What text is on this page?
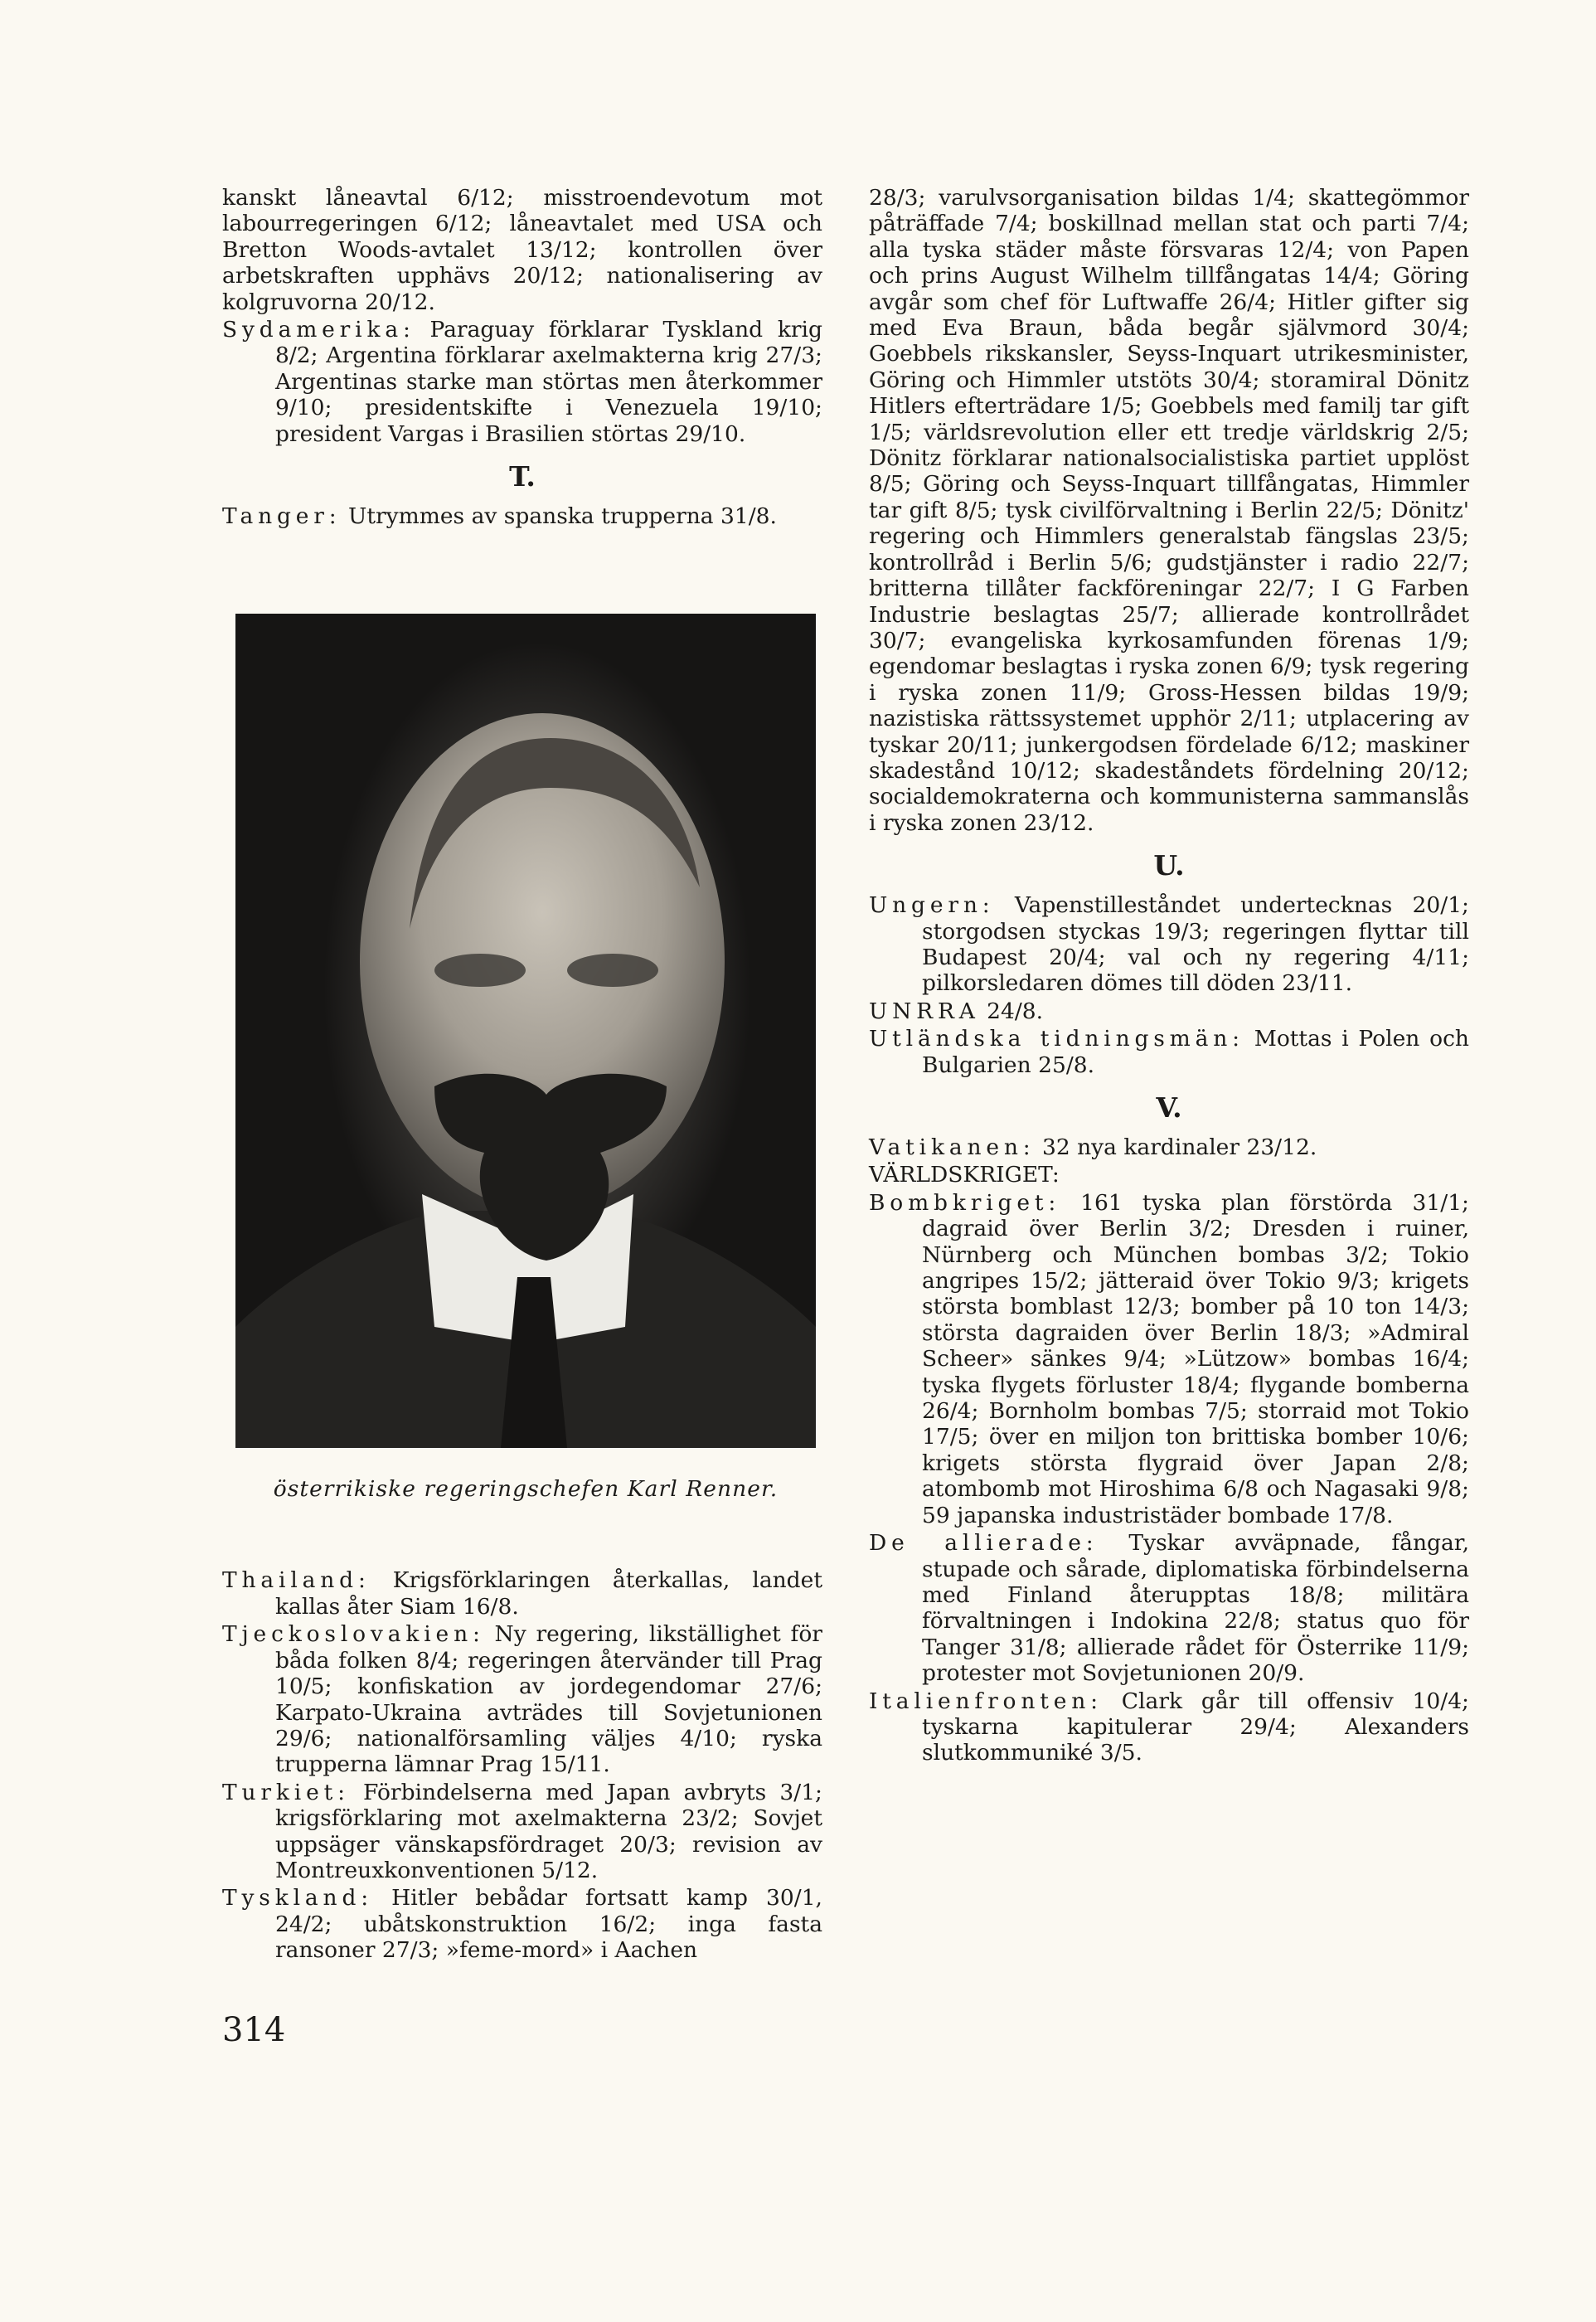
kanskt låneavtal 6/12; misstroendevotum mot labourregeringen 6/12; låneavtalet med USA och Bretton Woods-avtalet 13/12; kontrollen över arbetskraften upphävs 20/12; nationalisering av kolgruvorna 20/12.

Sydamerika: Paraguay förklarar Tyskland krig 8/2; Argentina förklarar axelmakterna krig 27/3; Argentinas starke man störtas men återkommer 9/10; presidentskifte i Venezuela 19/10; president Vargas i Brasilien störtas 29/10.

T.

Tanger: Utrymmes av spanska trupperna 31/8.

Thailand: Krigsförklaringen återkallas, landet kallas åter Siam 16/8.

Tjeckoslovakien: Ny regering, likställighet för båda folken 8/4; regeringen återvänder till Prag 10/5; konfiskation av jordegendomar 27/6; Karpato-Ukraina avträdes till Sovjetunionen 29/6; nationalförsamling väljes 4/10; ryska trupperna lämnar Prag 15/11.

Turkiet: Förbindelserna med Japan avbryts 3/1; krigsförklaring mot axelmakterna 23/2; Sovjet uppsäger vänskapsfördraget 20/3; revision av Montreuxkonventionen 5/12.

Tyskland: Hitler bebådar fortsatt kamp 30/1, 24/2; ubåtskonstruktion 16/2; inga fasta ransoner 27/3; »feme-mord» i Aachen

österrikiske regeringschefen Karl Renner.

28/3; varulvsorganisation bildas 1/4; skattegömmor påträffade 7/4; boskillnad mellan stat och parti 7/4; alla tyska städer måste försvaras 12/4; von Papen och prins August Wilhelm tillfångatas 14/4; Göring avgår som chef för Luftwaffe 26/4; Hitler gifter sig med Eva Braun, båda begår självmord 30/4; Goebbels rikskansler, Seyss-Inquart utrikesminister, Göring och Himmler utstöts 30/4; storamiral Dönitz Hitlers efterträdare 1/5; Goebbels med familj tar gift 1/5; världsrevolution eller ett tredje världskrig 2/5; Dönitz förklarar nationalsocialistiska partiet upplöst 8/5; Göring och Seyss-Inquart tillfångatas, Himmler tar gift 8/5; tysk civilförvaltning i Berlin 22/5; Dönitz' regering och Himmlers generalstab fängslas 23/5; kontrollråd i Berlin 5/6; gudstjänster i radio 22/7; britterna tillåter fackföreningar 22/7; I G Farben Industrie beslagtas 25/7; allierade kontrollrådet 30/7; evangeliska kyrkosamfunden förenas 1/9; egendomar beslagtas i ryska zonen 6/9; tysk regering i ryska zonen 11/9; Gross-Hessen bildas 19/9; nazistiska rättssystemet upphör 2/11; utplacering av tyskar 20/11; junkergodsen fördelade 6/12; maskiner skadestånd 10/12; skadeståndets fördelning 20/12; socialdemokraterna och kommunisterna sammanslås i ryska zonen 23/12.

U.

Ungern: Vapenstilleståndet undertecknas 20/1; storgodsen styckas 19/3; regeringen flyttar till Budapest 20/4; val och ny regering 4/11; pilkorsledaren dömes till döden 23/11.

UNRRA 24/8.

Utländska tidningsmän: Mottas i Polen och Bulgarien 25/8.

V.

Vatikanen: 32 nya kardinaler 23/12.

VÄRLDSKRIGET:

Bombkriget: 161 tyska plan förstörda 31/1; dagraid över Berlin 3/2; Dresden i ruiner, Nürnberg och München bombas 3/2; Tokio angripes 15/2; jätteraid över Tokio 9/3; krigets största bomblast 12/3; bomber på 10 ton 14/3; största dagraiden över Berlin 18/3; »Admiral Scheer» sänkes 9/4; »Lützow» bombas 16/4; tyska flygets förluster 18/4; flygande bomberna 26/4; Bornholm bombas 7/5; storraid mot Tokio 17/5; över en miljon ton brittiska bomber 10/6; krigets största flygraid över Japan 2/8; atombomb mot Hiroshima 6/8 och Nagasaki 9/8; 59 japanska industristäder bombade 17/8.

De allierade: Tyskar avväpnade, fångar, stupade och sårade, diplomatiska förbindelserna med Finland återupptas 18/8; militära förvaltningen i Indokina 22/8; status quo för Tanger 31/8; allierade rådet för Österrike 11/9; protester mot Sovjetunionen 20/9.

Italienfronten: Clark går till offensiv 10/4; tyskarna kapitulerar 29/4; Alexanders slutkommuniké 3/5.

314
